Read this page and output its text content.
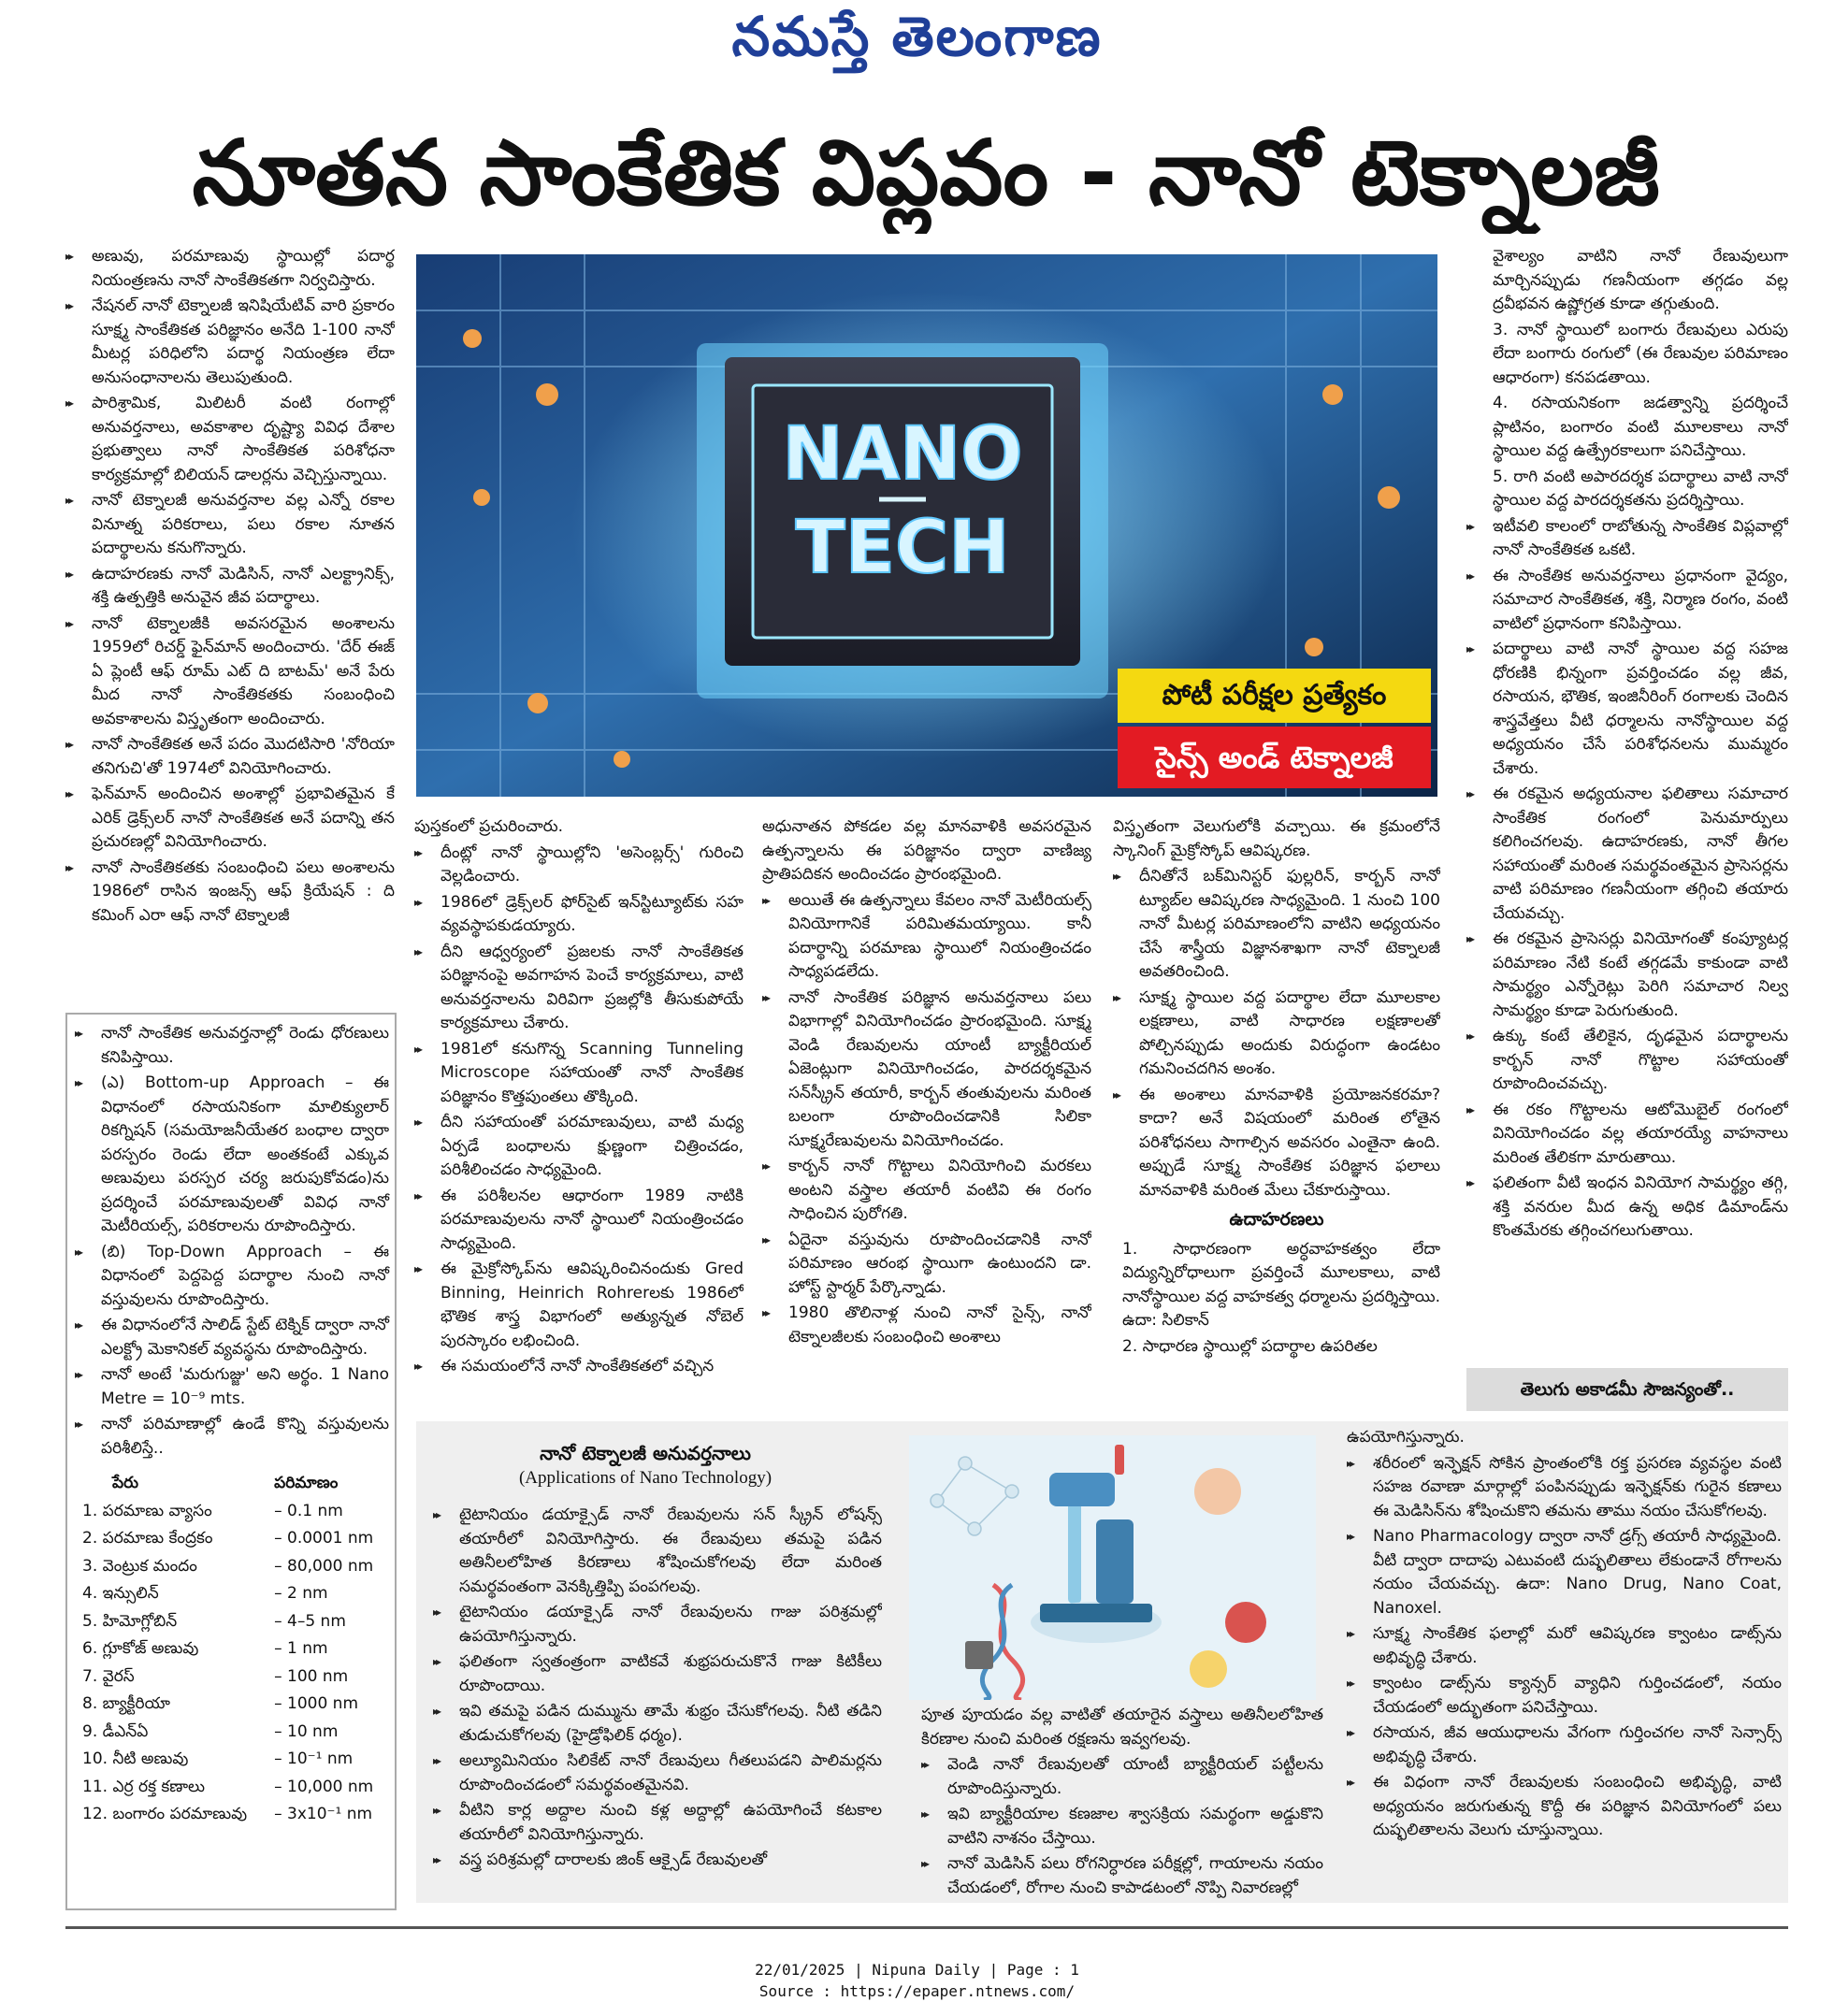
నమస్తే తెలంగాణ
నూతన సాంకేతిక విప్లవం - నానో టెక్నాలజీ
▸▸ అణువు, పరమాణువు స్థాయిల్లో పదార్థ నియంత్రణను నానో సాంకేతికతగా నిర్వచిస్తారు.
▸▸ నేషనల్ నానో టెక్నాలజీ ఇనిషియేటివ్ వారి ప్రకారం సూక్ష్మ సాంకేతికత పరిజ్ఞానం అనేది 1-100 నానో మీటర్ల పరిధిలోని పదార్థ నియంత్రణ లేదా అనుసంధానాలను తెలుపుతుంది.
▸▸ పారిశ్రామిక, మిలిటరీ వంటి రంగాల్లో అనువర్తనాలు, అవకాశాల దృష్ట్యా వివిధ దేశాల ప్రభుత్వాలు నానో సాంకేతికత పరిశోధనా కార్యక్రమాల్లో బిలియన్ డాలర్లను వెచ్చిస్తున్నాయి.
▸▸ నానో టెక్నాలజీ అనువర్తనాల వల్ల ఎన్నో రకాల వినూత్న పరికరాలు, పలు రకాల నూతన పదార్థాలను కనుగొన్నారు.
▸▸ ఉదాహరణకు నానో మెడిసిన్, నానో ఎలక్ట్రానిక్స్, శక్తి ఉత్పత్తికి అనువైన జీవ పదార్థాలు.
▸▸ నానో టెక్నాలజీకి అవసరమైన అంశాలను 1959లో రిచర్డ్ ఫైన్‌మాన్ అందించారు. 'దేర్ ఈజ్ ఏ ప్లెంటీ ఆఫ్ రూమ్ ఎట్ ది బాటమ్' అనే పేరు మీద నానో సాంకేతికతకు సంబంధించి అవకాశాలను విస్తృతంగా అందించారు.
▸▸ నానో సాంకేతికత అనే పదం మొదటిసారి 'నోరియా తనిగుచి'తో 1974లో వినియోగించారు.
▸▸ ఫెన్‌మాన్ అందించిన అంశాల్లో ప్రభావితమైన కే ఎరిక్ డ్రెక్స్‌లర్ నానో సాంకేతికత అనే పదాన్ని తన ప్రచురణల్లో వినియోగించారు.
▸▸ నానో సాంకేతికతకు సంబంధించి పలు అంశాలను 1986లో రాసిన ఇంజన్స్ ఆఫ్ క్రియేషన్ : ది కమింగ్ ఎరా ఆఫ్ నానో టెక్నాలజీ
▸▸ నానో సాంకేతిక అనువర్తనాల్లో రెండు ధోరణులు కనిపిస్తాయి.
▸▸ (ఎ) Bottom-up Approach – ఈ విధానంలో రసాయనికంగా మాలిక్యులార్ రికగ్నిషన్ (సమయోజనీయేతర బంధాల ద్వారా పరస్పరం రెండు లేదా అంతకంటే ఎక్కువ అణువులు పరస్పర చర్య జరుపుకోవడం)ను ప్రదర్శించే పరమాణువులతో వివిధ నానో మెటీరియల్స్, పరికరాలను రూపొందిస్తారు.
▸▸ (బి) Top-Down Approach – ఈ విధానంలో పెద్దపెద్ద పదార్థాల నుంచి నానో వస్తువులను రూపొందిస్తారు.
▸▸ ఈ విధానంలోనే సాలిడ్ స్టేట్ టెక్నిక్ ద్వారా నానో ఎలక్ట్రో మెకానికల్ వ్యవస్థను రూపొందిస్తారు.
▸▸ నానో అంటే 'మరుగుజ్జు' అని అర్థం. 1 Nano Metre = 10⁻⁹ mts.
▸▸ నానో పరిమాణాల్లో ఉండే కొన్ని వస్తువులను పరిశీలిస్తే..
పేరు	పరిమాణం
1. పరమాణు వ్యాసం	– 0.1 nm
2. పరమాణు కేంద్రకం	– 0.0001 nm
3. వెంట్రుక మందం	– 80,000 nm
4. ఇన్సులిన్	– 2 nm
5. హిమోగ్లోబిన్	– 4–5 nm
6. గ్లూకోజ్ అణువు	– 1 nm
7. వైరస్	– 100 nm
8. బ్యాక్టీరియా	– 1000 nm
9. డీఎన్‌ఏ	– 10 nm
10. నీటి అణువు	– 10⁻¹ nm
11. ఎర్ర రక్త కణాలు	– 10,000 nm
12. బంగారం పరమాణువు	– 3x10⁻¹ nm
NANO
TECH
పోటీ పరీక్షల ప్రత్యేకం
సైన్స్ అండ్ టెక్నాలజీ

పుస్తకంలో ప్రచురించారు.

▸▸ దీంట్లో నానో స్థాయిల్లోని 'అసెంబ్లర్స్' గురించి వెల్లడించారు.
▸▸ 1986లో డ్రెక్స్‌లర్ ఫోర్‌సైట్ ఇన్‌స్టిట్యూట్‌కు సహ వ్యవస్థాపకుడయ్యారు.
▸▸ దీని ఆధ్వర్యంలో ప్రజలకు నానో సాంకేతికత పరిజ్ఞానంపై అవగాహన పెంచే కార్యక్రమాలు, వాటి అనువర్తనాలను విరివిగా ప్రజల్లోకి తీసుకుపోయే కార్యక్రమాలు చేశారు.
▸▸ 1981లో కనుగొన్న Scanning Tunneling Microscope సహాయంతో నానో సాంకేతిక పరిజ్ఞానం కొత్తపుంతలు తొక్కింది.
▸▸ దీని సహాయంతో పరమాణువులు, వాటి మధ్య ఏర్పడే బంధాలను క్షుణ్ణంగా చిత్రించడం, పరిశీలించడం సాధ్యమైంది.
▸▸ ఈ పరిశీలనల ఆధారంగా 1989 నాటికి పరమాణువులను నానో స్థాయిలో నియంత్రించడం సాధ్యమైంది.
▸▸ ఈ మైక్రోస్కోప్‌ను ఆవిష్కరించినందుకు Gred Binning, Heinrich Rohrerలకు 1986లో భౌతిక శాస్త్ర విభాగంలో అత్యున్నత నోబెల్ పురస్కారం లభించింది.
▸▸ ఈ సమయంలోనే నానో సాంకేతికతలో వచ్చిన

అధునాతన పోకడల వల్ల మానవాళికి అవసరమైన ఉత్పన్నాలను ఈ పరిజ్ఞానం ద్వారా వాణిజ్య ప్రాతిపదికన అందించడం ప్రారంభమైంది.

▸▸ అయితే ఈ ఉత్పన్నాలు కేవలం నానో మెటీరియల్స్ వినియోగానికే పరిమితమయ్యాయి. కానీ పదార్థాన్ని పరమాణు స్థాయిలో నియంత్రించడం సాధ్యపడలేదు.
▸▸ నానో సాంకేతిక పరిజ్ఞాన అనువర్తనాలు పలు విభాగాల్లో వినియోగించడం ప్రారంభమైంది. సూక్ష్మ వెండి రేణువులను యాంటీ బ్యాక్టీరియల్ ఏజెంట్లుగా వినియోగించడం, పారదర్శకమైన సన్‌స్క్రీన్ తయారీ, కార్బన్ తంతువులను మరింత బలంగా రూపొందించడానికి సిలికా సూక్ష్మరేణువులను వినియోగించడం.
▸▸ కార్బన్ నానో గొట్టాలు వినియోగించి మరకలు అంటని వస్త్రాల తయారీ వంటివి ఈ రంగం సాధించిన పురోగతి.
▸▸ ఏదైనా వస్తువును రూపొందించడానికి నానో పరిమాణం ఆరంభ స్థాయిగా ఉంటుందని డా. హోస్ట్ స్టార్మర్ పేర్కొన్నాడు.
▸▸ 1980 తొలినాళ్ల నుంచి నానో సైన్స్, నానో టెక్నాలజీలకు సంబంధించి అంశాలు

విస్తృతంగా వెలుగులోకి వచ్చాయి. ఈ క్రమంలోనే స్కానింగ్ మైక్రోస్కోప్ ఆవిష్కరణ.

▸▸ దీనితోనే బక్‌మినిస్టర్ ఫుల్లరిన్, కార్బన్ నానో ట్యూబ్‌ల ఆవిష్కరణ సాధ్యమైంది. 1 నుంచి 100 నానో మీటర్ల పరిమాణంలోని వాటిని అధ్యయనం చేసే శాస్త్రీయ విజ్ఞానశాఖగా నానో టెక్నాలజీ అవతరించింది.
▸▸ సూక్ష్మ స్థాయిల వద్ద పదార్థాల లేదా మూలకాల లక్షణాలు, వాటి సాధారణ లక్షణాలతో పోల్చినప్పుడు అందుకు విరుద్ధంగా ఉండటం గమనించదగిన అంశం.
▸▸ ఈ అంశాలు మానవాళికి ప్రయోజనకరమా? కాదా? అనే విషయంలో మరింత లోతైన పరిశోధనలు సాగాల్సిన అవసరం ఎంతైనా ఉంది. అప్పుడే సూక్ష్మ సాంకేతిక పరిజ్ఞాన ఫలాలు మానవాళికి మరింత మేలు చేకూరుస్తాయి.
ఉదాహరణలు

1. సాధారణంగా అర్ధవాహకత్వం లేదా విద్యున్నిరోధాలుగా ప్రవర్తించే మూలకాలు, వాటి నానోస్థాయిల వద్ద వాహకత్వ ధర్మాలను ప్రదర్శిస్తాయి. ఉదా: సిలికాన్

2. సాధారణ స్థాయిల్లో పదార్థాల ఉపరితల

వైశాల్యం వాటిని నానో రేణువులుగా మార్చినప్పుడు గణనీయంగా తగ్గడం వల్ల ద్రవీభవన ఉష్ణోగ్రత కూడా తగ్గుతుంది.

3. నానో స్థాయిలో బంగారు రేణువులు ఎరుపు లేదా బంగారు రంగులో (ఈ రేణువుల పరిమాణం ఆధారంగా) కనపడతాయి.

4. రసాయనికంగా జడత్వాన్ని ప్రదర్శించే ప్లాటినం, బంగారం వంటి మూలకాలు నానో స్థాయిల వద్ద ఉత్ప్రేరకాలుగా పనిచేస్తాయి.

5. రాగి వంటి అపారదర్శక పదార్థాలు వాటి నానో స్థాయిల వద్ద పారదర్శకతను ప్రదర్శిస్తాయి.

▸▸ ఇటీవలి కాలంలో రాబోతున్న సాంకేతిక విప్లవాల్లో నానో సాంకేతికత ఒకటి.
▸▸ ఈ సాంకేతిక అనువర్తనాలు ప్రధానంగా వైద్యం, సమాచార సాంకేతికత, శక్తి, నిర్మాణ రంగం, వంటి వాటిలో ప్రధానంగా కనిపిస్తాయి.
▸▸ పదార్థాలు వాటి నానో స్థాయిల వద్ద సహజ ధోరణికి భిన్నంగా ప్రవర్తించడం వల్ల జీవ, రసాయన, భౌతిక, ఇంజినీరింగ్ రంగాలకు చెందిన శాస్త్రవేత్తలు వీటి ధర్మాలను నానోస్థాయిల వద్ద అధ్యయనం చేసే పరిశోధనలను ముమ్మరం చేశారు.
▸▸ ఈ రకమైన అధ్యయనాల ఫలితాలు సమాచార సాంకేతిక రంగంలో పెనుమార్పులు కలిగించగలవు. ఉదాహరణకు, నానో తీగల సహాయంతో మరింత సమర్థవంతమైన ప్రాసెసర్లను వాటి పరిమాణం గణనీయంగా తగ్గించి తయారు చేయవచ్చు.
▸▸ ఈ రకమైన ప్రాసెసర్లు వినియోగంతో కంప్యూటర్ల పరిమాణం నేటి కంటే తగ్గడమే కాకుండా వాటి సామర్థ్యం ఎన్నోరెట్లు పెరిగి సమాచార నిల్వ సామర్థ్యం కూడా పెరుగుతుంది.
▸▸ ఉక్కు కంటే తేలికైన, దృఢమైన పదార్థాలను కార్బన్ నానో గొట్టాల సహాయంతో రూపొందించవచ్చు.
▸▸ ఈ రకం గొట్టాలను ఆటోమొబైల్ రంగంలో వినియోగించడం వల్ల తయారయ్యే వాహనాలు మరింత తేలికగా మారుతాయి.
▸▸ ఫలితంగా వీటి ఇంధన వినియోగ సామర్థ్యం తగ్గి, శక్తి వనరుల మీద ఉన్న అధిక డిమాండ్‌ను కొంతమేరకు తగ్గించగలుగుతాయి.
తెలుగు అకాడమీ సౌజన్యంతో..
నానో టెక్నాలజీ అనువర్తనాలు
(Applications of Nano Technology)
▸▸ టైటానియం డయాక్సైడ్ నానో రేణువులను సన్ స్క్రీన్ లోషన్స్ తయారీలో వినియోగిస్తారు. ఈ రేణువులు తమపై పడిన అతినీలలోహిత కిరణాలు శోషించుకోగలవు లేదా మరింత సమర్థవంతంగా వెనక్కిత్తిప్పి పంపగలవు.
▸▸ టైటానియం డయాక్సైడ్ నానో రేణువులను గాజు పరిశ్రమల్లో ఉపయోగిస్తున్నారు.
▸▸ ఫలితంగా స్వతంత్రంగా వాటికవే శుభ్రపరుచుకొనే గాజు కిటికీలు రూపొందాయి.
▸▸ ఇవి తమపై పడిన దుమ్మును తామే శుభ్రం చేసుకోగలవు. నీటి తడిని తుడుచుకోగలవు (హైడ్రోఫిలిక్ ధర్మం).
▸▸ అల్యూమినియం సిలికేట్ నానో రేణువులు గీతలుపడని పాలిమర్లను రూపొందించడంలో సమర్థవంతమైనవి.
▸▸ వీటిని కార్ల అద్దాల నుంచి కళ్ల అద్దాల్లో ఉపయోగించే కటకాల తయారీలో వినియోగిస్తున్నారు.
▸▸ వస్త్ర పరిశ్రమల్లో దారాలకు జింక్ ఆక్సైడ్ రేణువులతో

పూత పూయడం వల్ల వాటితో తయారైన వస్త్రాలు అతినీలలోహిత కిరణాల నుంచి మరింత రక్షణను ఇవ్వగలవు.

▸▸ వెండి నానో రేణువులతో యాంటీ బ్యాక్టీరియల్ పట్టీలను రూపొందిస్తున్నారు.
▸▸ ఇవి బ్యాక్టీరియాల కణజాల శ్వాసక్రియ సమర్థంగా అడ్డుకొని వాటిని నాశనం చేస్తాయి.
▸▸ నానో మెడిసిన్ పలు రోగనిర్ధారణ పరీక్షల్లో, గాయాలను నయం చేయడంలో, రోగాల నుంచి కాపాడటంలో నొప్పి నివారణల్లో

ఉపయోగిస్తున్నారు.

▸▸ శరీరంలో ఇన్ఫెక్షన్ సోకిన ప్రాంతంలోకి రక్త ప్రసరణ వ్యవస్థల వంటి సహజ రవాణా మార్గాల్లో పంపినప్పుడు ఇన్ఫెక్షన్‌కు గురైన కణాలు ఈ మెడిసిన్‌ను శోషించుకొని తమను తాము నయం చేసుకోగలవు.
▸▸ Nano Pharmacology ద్వారా నానో డ్రగ్స్ తయారీ సాధ్యమైంది. వీటి ద్వారా దాదాపు ఎటువంటి దుష్ఫలితాలు లేకుండానే రోగాలను నయం చేయవచ్చు. ఉదా: Nano Drug, Nano Coat, Nanoxel.
▸▸ సూక్ష్మ సాంకేతిక ఫలాల్లో మరో ఆవిష్కరణ క్వాంటం డాట్స్‌ను అభివృద్ధి చేశారు.
▸▸ క్వాంటం డాట్స్‌ను క్యాన్సర్ వ్యాధిని గుర్తించడంలో, నయం చేయడంలో అద్భుతంగా పనిచేస్తాయి.
▸▸ రసాయన, జీవ ఆయుధాలను వేగంగా గుర్తించగల నానో సెన్సార్స్ అభివృద్ధి చేశారు.
▸▸ ఈ విధంగా నానో రేణువులకు సంబంధించి అభివృద్ధి, వాటి అధ్యయనం జరుగుతున్న కొద్దీ ఈ పరిజ్ఞాన వినియోగంలో పలు దుష్ఫలితాలను వెలుగు చూస్తున్నాయి.
22/01/2025 | Nipuna Daily | Page : 1
Source : https://epaper.ntnews.com/
